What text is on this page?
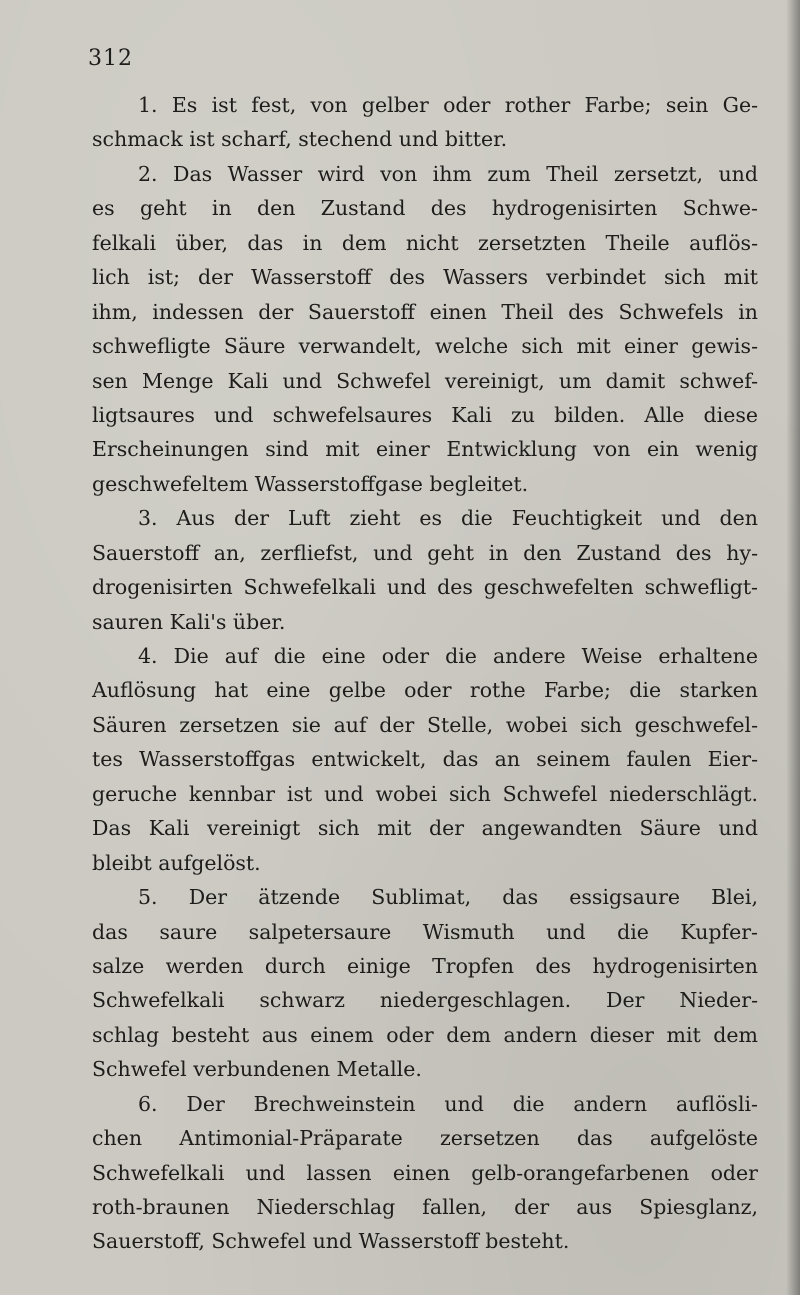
312
1. Es ist fest, von gelber oder rother Farbe; sein Ge-
schmack ist scharf, stechend und bitter.
2. Das Wasser wird von ihm zum Theil zersetzt, und
es geht in den Zustand des hydrogenisirten Schwe-
felkali über, das in dem nicht zersetzten Theile auflös-
lich ist; der Wasserstoff des Wassers verbindet sich mit
ihm, indessen der Sauerstoff einen Theil des Schwefels in
schwefligte Säure verwandelt, welche sich mit einer gewis-
sen Menge Kali und Schwefel vereinigt, um damit schwef-
ligtsaures und schwefelsaures Kali zu bilden. Alle diese
Erscheinungen sind mit einer Entwicklung von ein wenig
geschwefeltem Wasserstoffgase begleitet.
3. Aus der Luft zieht es die Feuchtigkeit und den
Sauerstoff an, zerfliefst, und geht in den Zustand des hy-
drogenisirten Schwefelkali und des geschwefelten schwefligt-
sauren Kali's über.
4. Die auf die eine oder die andere Weise erhaltene
Auflösung hat eine gelbe oder rothe Farbe; die starken
Säuren zersetzen sie auf der Stelle, wobei sich geschwefel-
tes Wasserstoffgas entwickelt, das an seinem faulen Eier-
geruche kennbar ist und wobei sich Schwefel niederschlägt.
Das Kali vereinigt sich mit der angewandten Säure und
bleibt aufgelöst.
5. Der ätzende Sublimat, das essigsaure Blei,
das saure salpetersaure Wismuth und die Kupfer-
salze werden durch einige Tropfen des hydrogenisirten
Schwefelkali schwarz niedergeschlagen. Der Nieder-
schlag besteht aus einem oder dem andern dieser mit dem
Schwefel verbundenen Metalle.
6. Der Brechweinstein und die andern auflösli-
chen Antimonial-Präparate zersetzen das aufgelöste
Schwefelkali und lassen einen gelb-orangefarbenen oder
roth-braunen Niederschlag fallen, der aus Spiesglanz,
Sauerstoff, Schwefel und Wasserstoff besteht.
